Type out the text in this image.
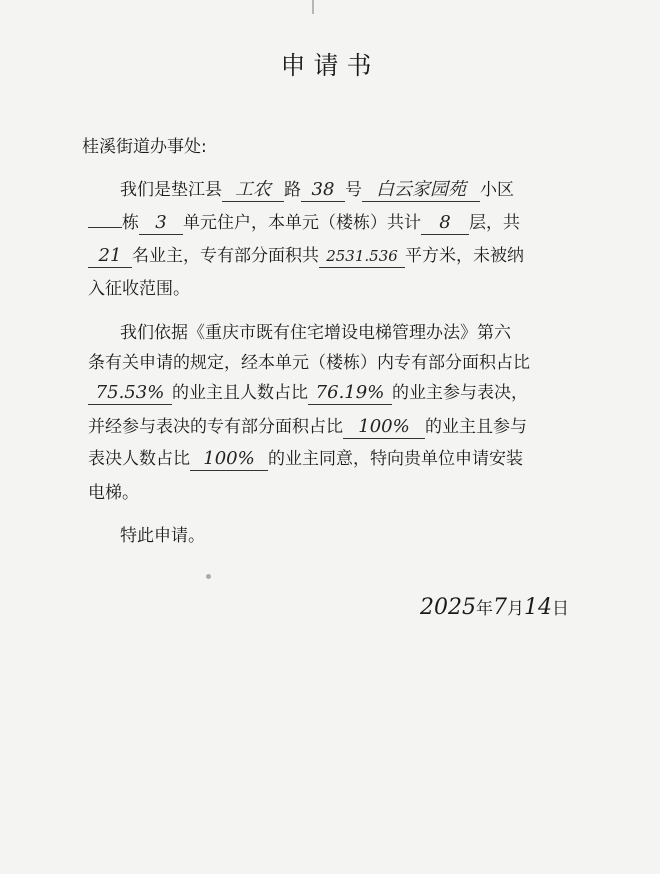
申请书
桂溪街道办事处:
我们是垫江县 工农 路 38 号 白云家园苑 小区
栋 3 单元住户，本单元（楼栋）共计 8 层，共
21 名业主，专有部分面积共 2531.536 平方米，未被纳
入征收范围。
我们依据《重庆市既有住宅增设电梯管理办法》第六
条有关申请的规定，经本单元（楼栋）内专有部分面积占比
75.53% 的业主且人数占比 76.19% 的业主参与表决，
并经参与表决的专有部分面积占比 100% 的业主且参与
表决人数占比 100% 的业主同意，特向贵单位申请安装
电梯。
特此申请。
2025年7月14日
